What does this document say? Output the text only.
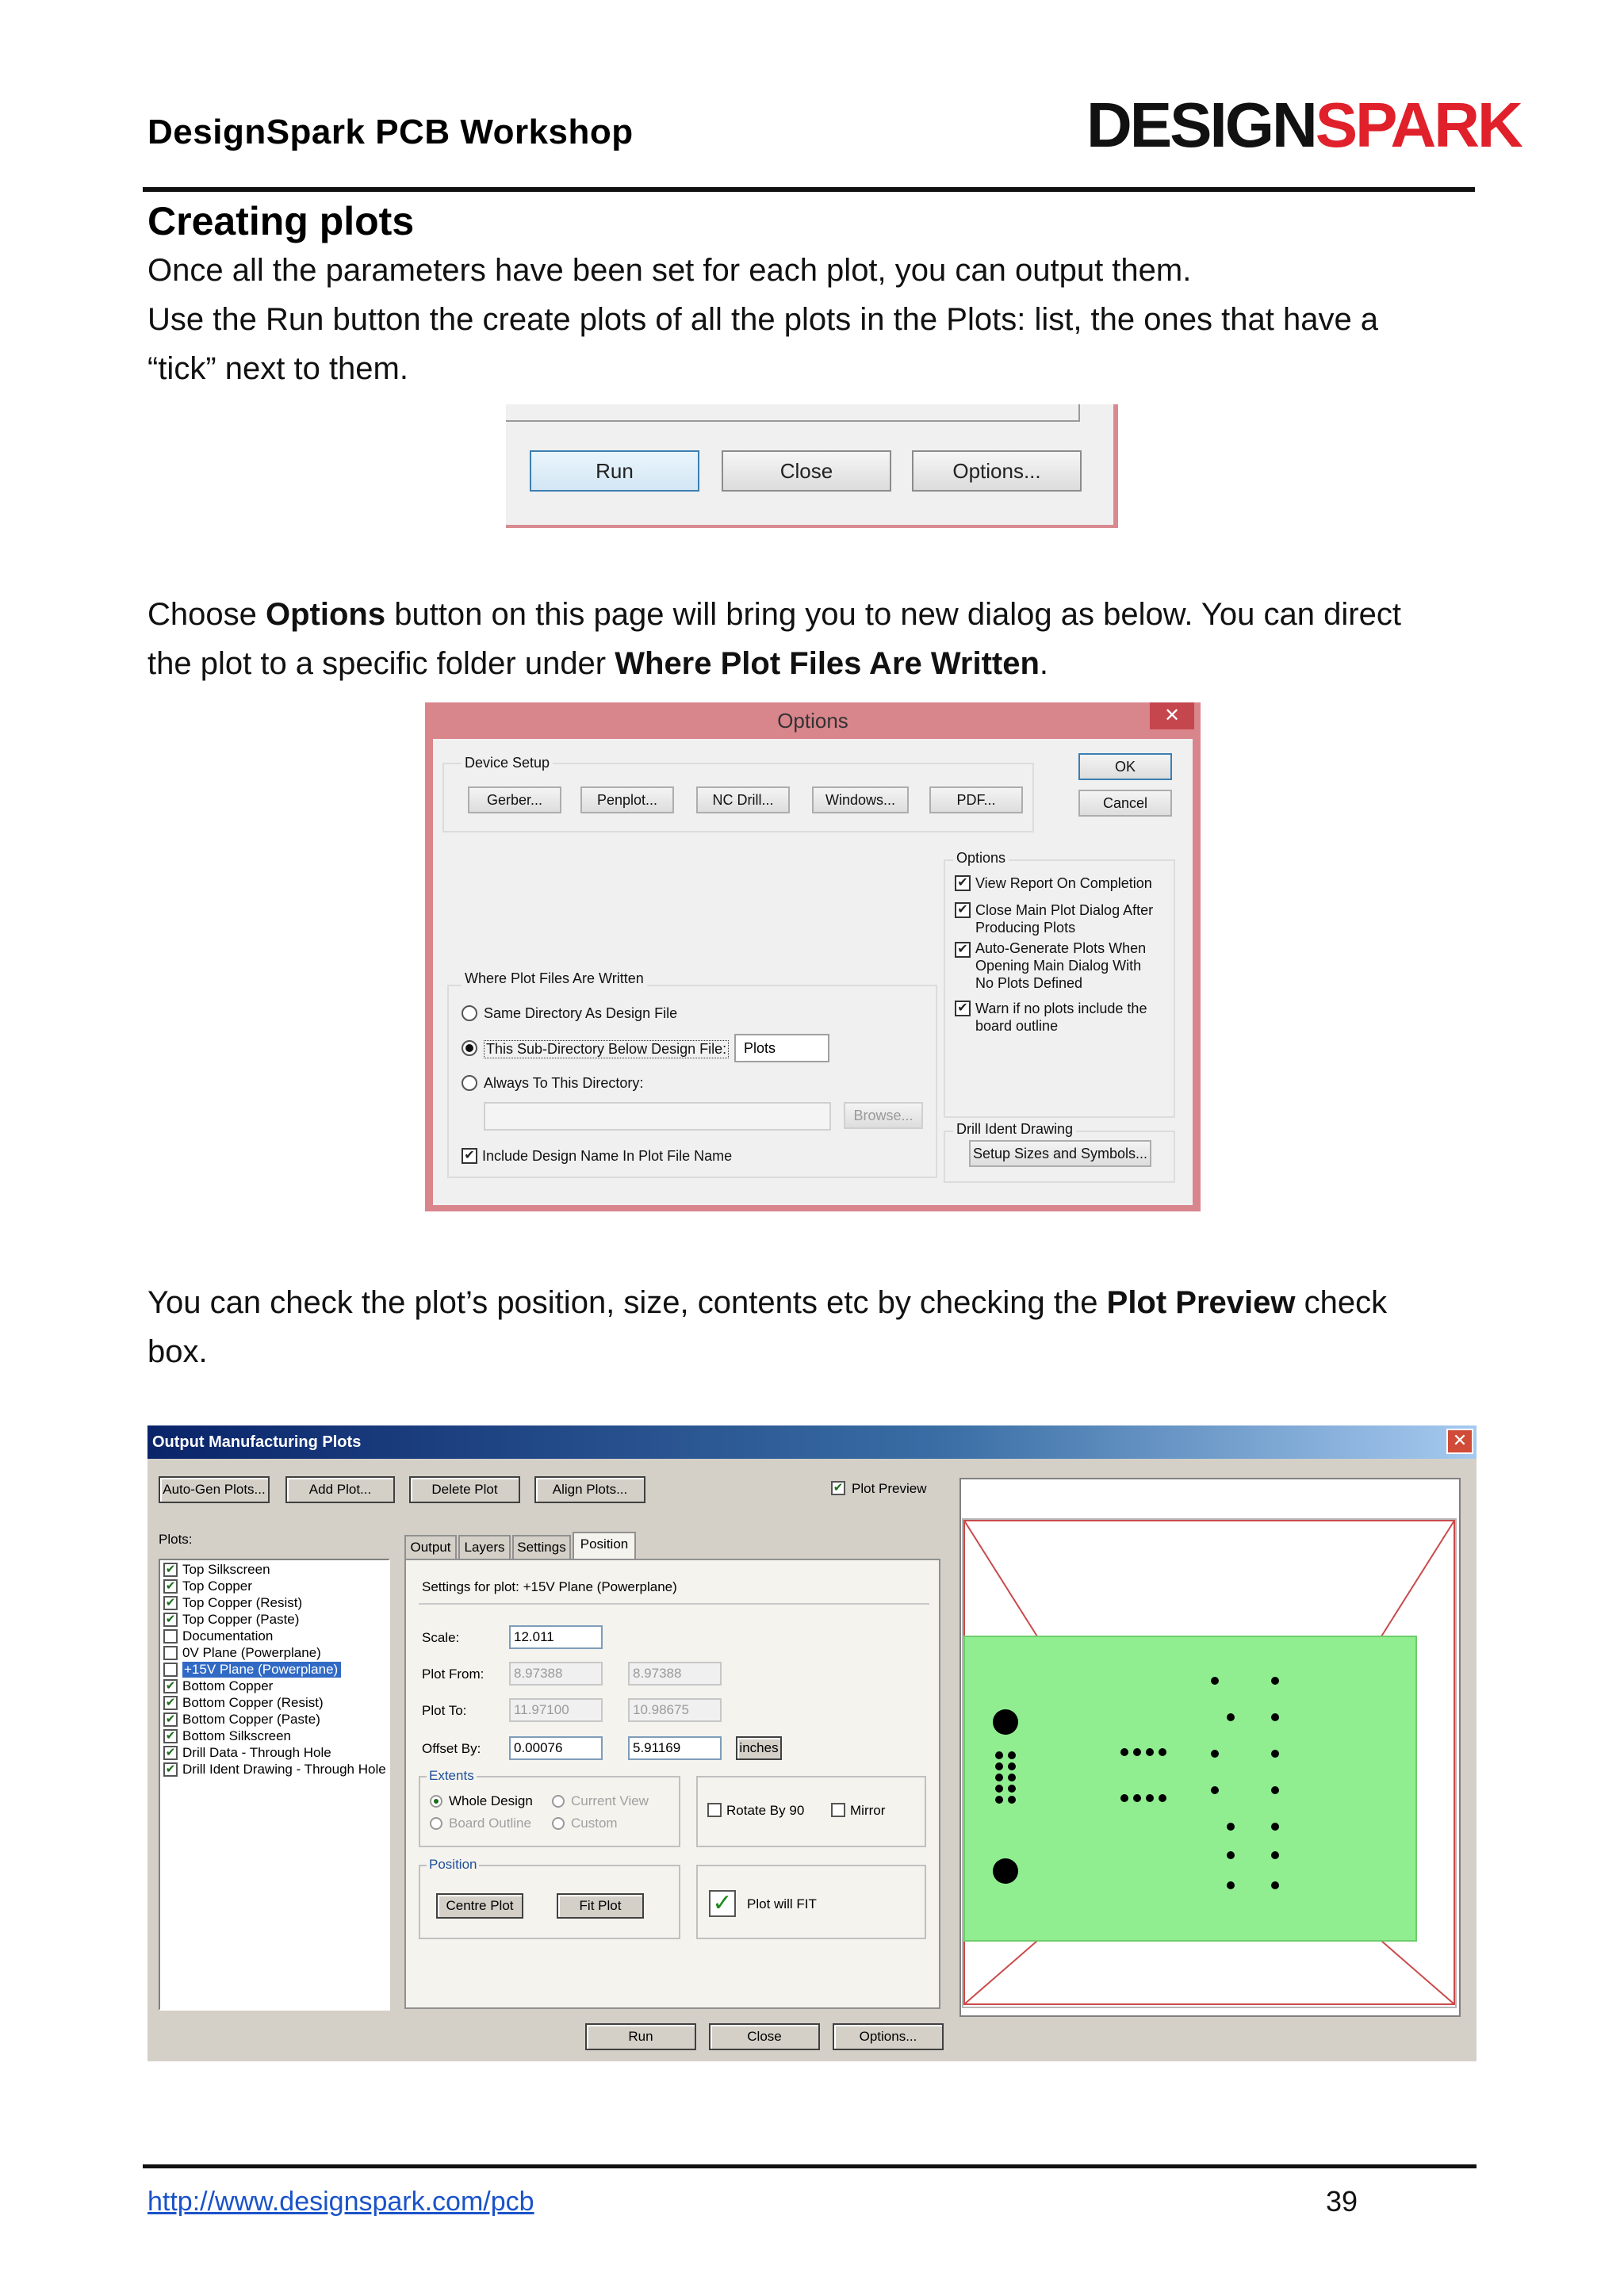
DesignSpark PCB Workshop	DESIGNSPARK
Creating plots
Once all the parameters have been set for each plot, you can output them.
Use the Run button the create plots of all the plots in the Plots: list, the ones that have a
“tick” next to them.
Run	Close	Options...
Choose Options button on this page will bring you to new dialog as below. You can direct
the plot to a specific folder under Where Plot Files Are Written.
Options	✕
Device Setup
Gerber...	Penplot...	NC Drill...	Windows...	PDF...
OK
Cancel
Options
✔ View Report On Completion
✔ Close Main Plot Dialog After
Producing Plots
✔ Auto-Generate Plots When
Opening Main Dialog With
No Plots Defined
✔ Warn if no plots include the
board outline
Where Plot Files Are Written
Same Directory As Design File
This Sub-Directory Below Design File:	Plots
Always To This Directory:
Browse...
✔ Include Design Name In Plot File Name
Drill Ident Drawing
Setup Sizes and Symbols...
You can check the plot’s position, size, contents etc by checking the Plot Preview check
box.
Output Manufacturing Plots	✕
Auto-Gen Plots...	Add Plot...	Delete Plot	Align Plots...	✔ Plot Preview
Plots:
✔ Top Silkscreen
✔ Top Copper
✔ Top Copper (Resist)
✔ Top Copper (Paste)
Documentation
0V Plane (Powerplane)
+15V Plane (Powerplane)
✔ Bottom Copper
✔ Bottom Copper (Resist)
✔ Bottom Copper (Paste)
✔ Bottom Silkscreen
✔ Drill Data - Through Hole
✔ Drill Ident Drawing - Through Hole
Output Layers Settings	Position
Settings for plot: +15V Plane (Powerplane)
Scale:	12.011
Plot From:	8.97388	8.97388
Plot To:	11.97100	10.98675
Offset By:	0.00076	5.91169	inches
Extents
Whole Design	Current View
Board Outline	Custom
Rotate By 90	Mirror
Position
Centre Plot	Fit Plot	✓ Plot will FIT
Run	Close	Options...
http://www.designspark.com/pcb	39
